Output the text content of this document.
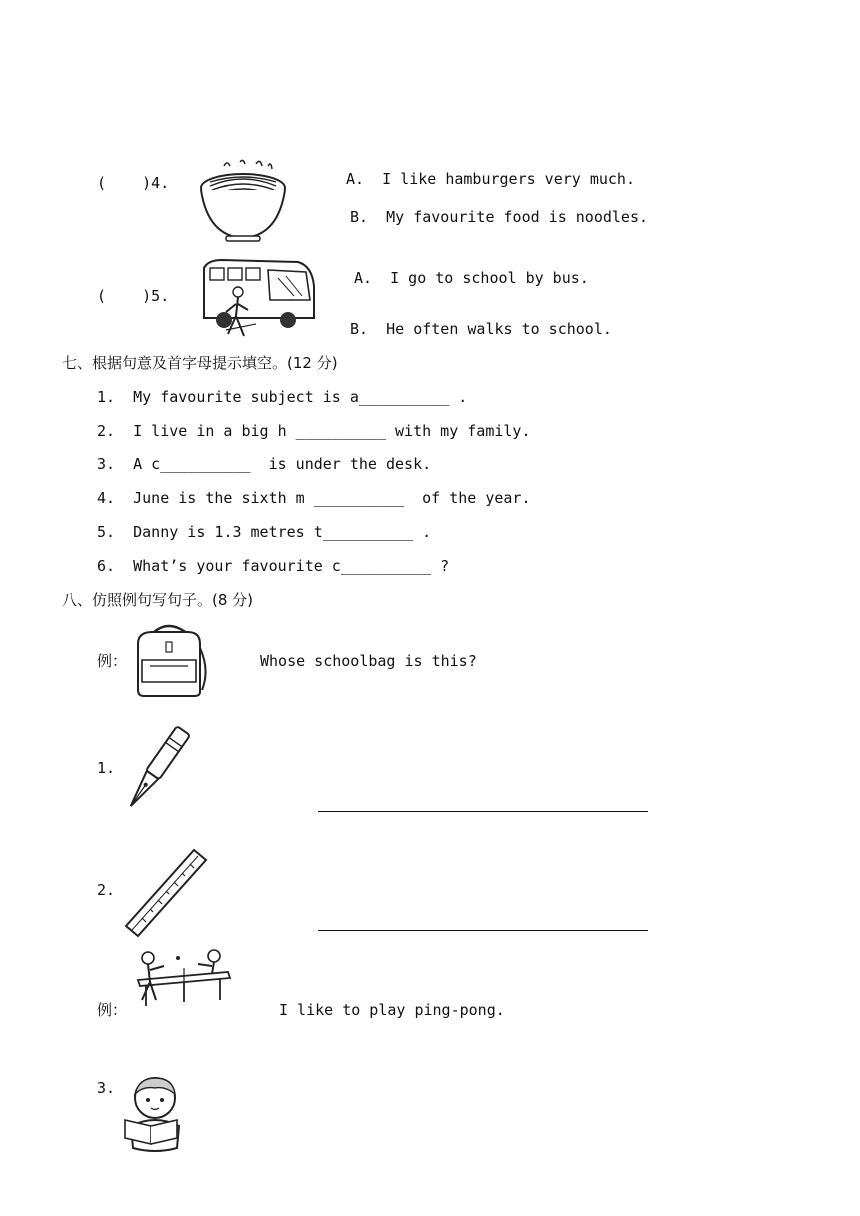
(    )4.	A.  I like hamburgers very much.
B.  My favourite food is noodles.
(    )5.
A.  I go to school by bus.
B.  He often walks to school.
七、根据句意及首字母提示填空。(12 分)
1.  My favourite subject is a__________ .
2.  I live in a big h __________ with my family.
3.  A c__________  is under the desk.
4.  June is the sixth m __________  of the year.
5.  Danny is 1.3 metres t__________ .
6.  What’s your favourite c__________ ?
八、仿照例句写句子。(8 分)
例：	Whose schoolbag is this?
1.
2.
例：	I like to play ping-pong.
3.
